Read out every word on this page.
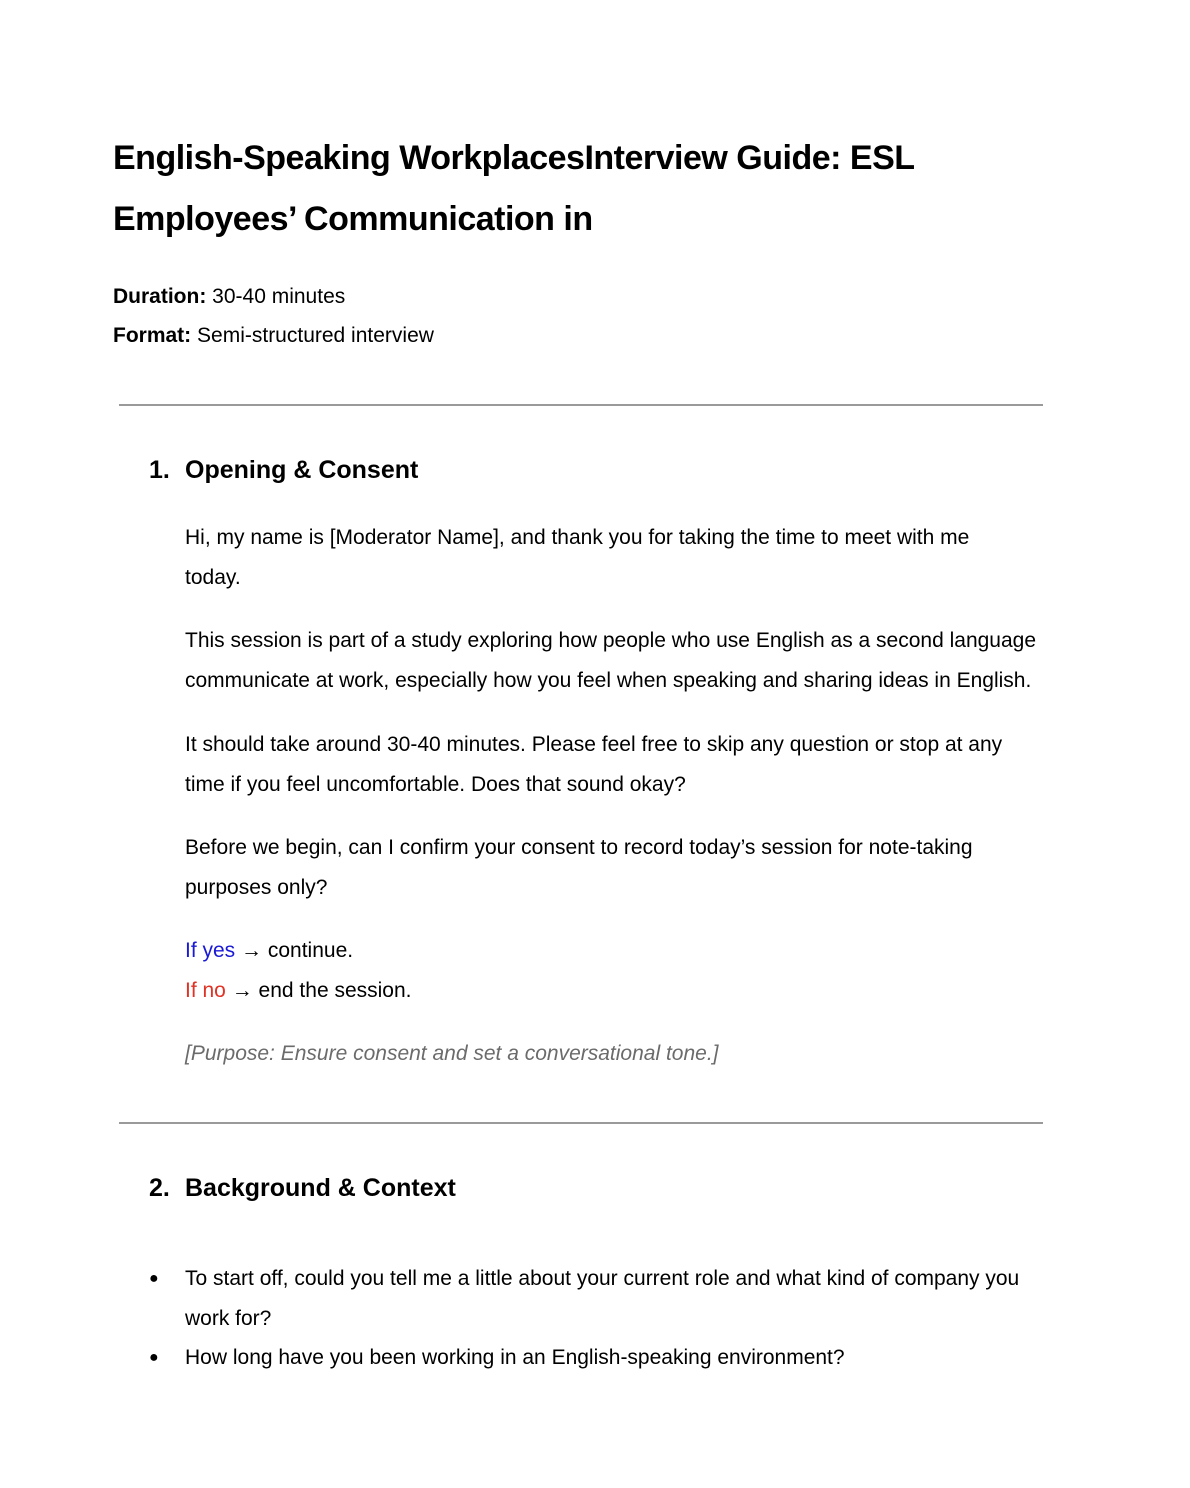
English-Speaking WorkplacesInterview Guide: ESL
Employees’ Communication in
Duration: 30-40 minutes
Format: Semi-structured interview
1. Opening & Consent
Hi, my name is [Moderator Name], and thank you for taking the time to meet with me
today.
This session is part of a study exploring how people who use English as a second language
communicate at work, especially how you feel when speaking and sharing ideas in English.
It should take around 30-40 minutes. Please feel free to skip any question or stop at any
time if you feel uncomfortable. Does that sound okay?
Before we begin, can I confirm your consent to record today’s session for note-taking
purposes only?
If yes → continue.
If no → end the session.
[Purpose: Ensure consent and set a conversational tone.]
2. Background & Context
●	To start off, could you tell me a little about your current role and what kind of company you
work for?
●	How long have you been working in an English-speaking environment?
